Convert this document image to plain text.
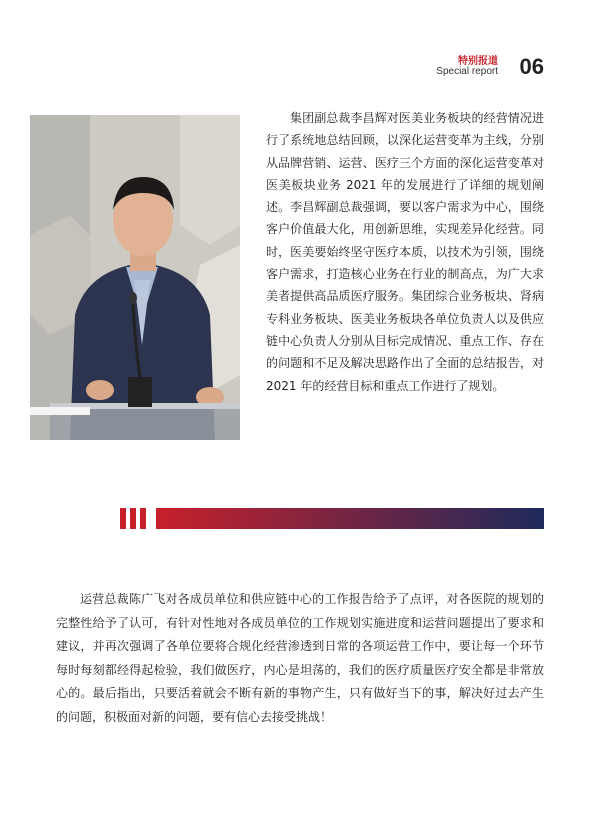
特别报道
Special report 06

集团副总裁李昌辉对医美业务板块的经营情况进行了系统地总结回顾，以深化运营变革为主线，分别从品牌营销、运营、医疗三个方面的深化运营变革对医美板块业务 2021 年的发展进行了详细的规划阐述。李昌辉副总裁强调，要以客户需求为中心，围绕客户价值最大化，用创新思维，实现差异化经营。同时，医美要始终坚守医疗本质，以技术为引领，围绕客户需求，打造核心业务在行业的制高点，为广大求美者提供高品质医疗服务。集团综合业务板块、肾病专科业务板块、医美业务板块各单位负责人以及供应链中心负责人分别从目标完成情况、重点工作、存在的问题和不足及解决思路作出了全面的总结报告，对 2021 年的经营目标和重点工作进行了规划。

运营总裁陈广飞对各成员单位和供应链中心的工作报告给予了点评，对各医院的规划的完整性给予了认可，有针对性地对各成员单位的工作规划实施进度和运营问题提出了要求和建议，并再次强调了各单位要将合规化经营渗透到日常的各项运营工作中，要让每一个环节每时每刻都经得起检验，我们做医疗，内心是坦荡的，我们的医疗质量医疗安全都是非常放心的。最后指出，只要活着就会不断有新的事物产生，只有做好当下的事，解决好过去产生的问题，积极面对新的问题，要有信心去接受挑战！
